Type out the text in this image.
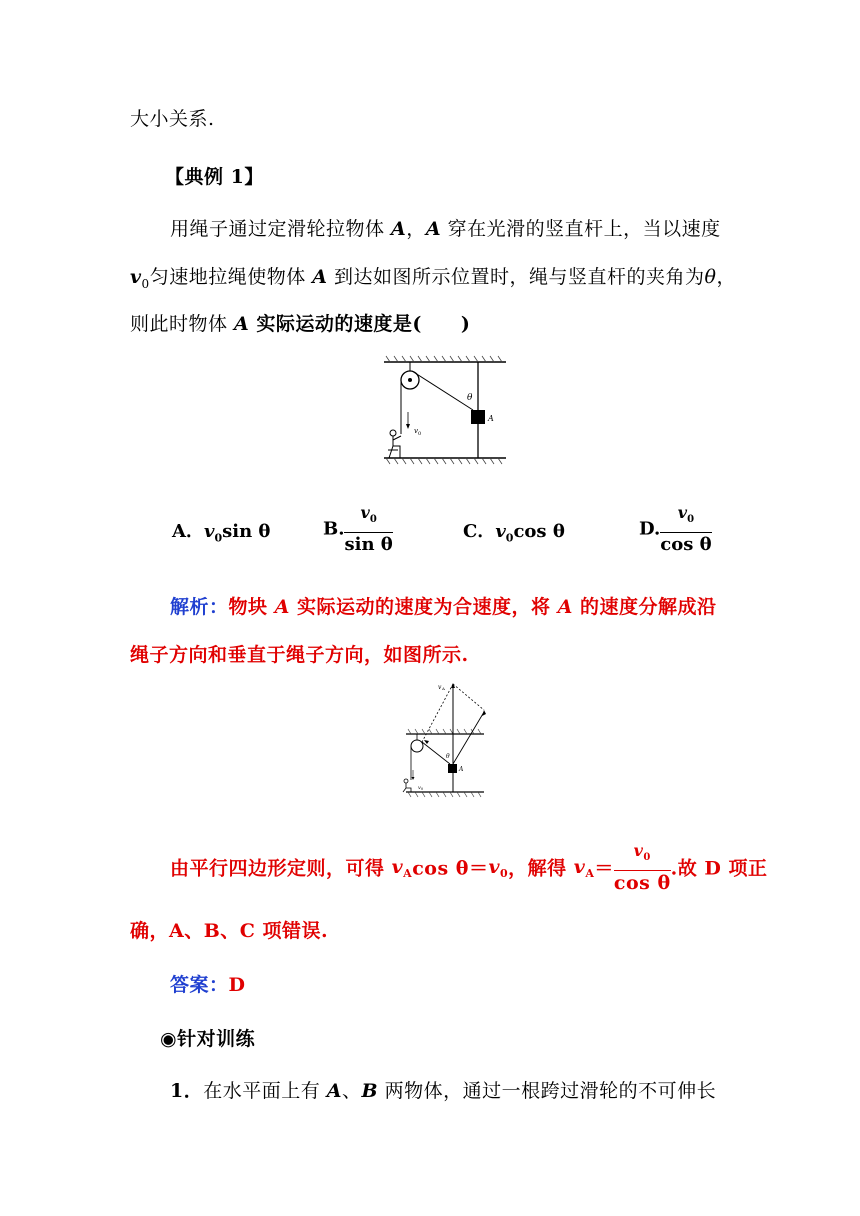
大小关系.
【典例 1】
用绳子通过定滑轮拉物体 A，A 穿在光滑的竖直杆上，当以速度
$v_0$匀速地拉绳使物体 A 到达如图所示位置时，绳与竖直杆的夹角为θ，
则此时物体 A 实际运动的速度是(　　)
A
θ
v 0
A．$v_0\sin$ θ	B. $\frac{v_0}{\text{sin θ}}$	C．$v_0\cos$ θ	D. $\frac{v_0}{\text{cos θ}}$
解析：物块 A 实际运动的速度为合速度，将 A 的速度分解成沿
绳子方向和垂直于绳子方向，如图所示.
v A
A
θ
v 0
由平行四边形定则，可得 $v_A\cos$ $\theta=v_0$，解得 $v_A= \frac{v_0}{\text{cos θ}}$ .故 D 项正
确，A、B、C 项错误.
答案：D
◉针对训练
1．在水平面上有 A、B 两物体，通过一根跨过滑轮的不可伸长
